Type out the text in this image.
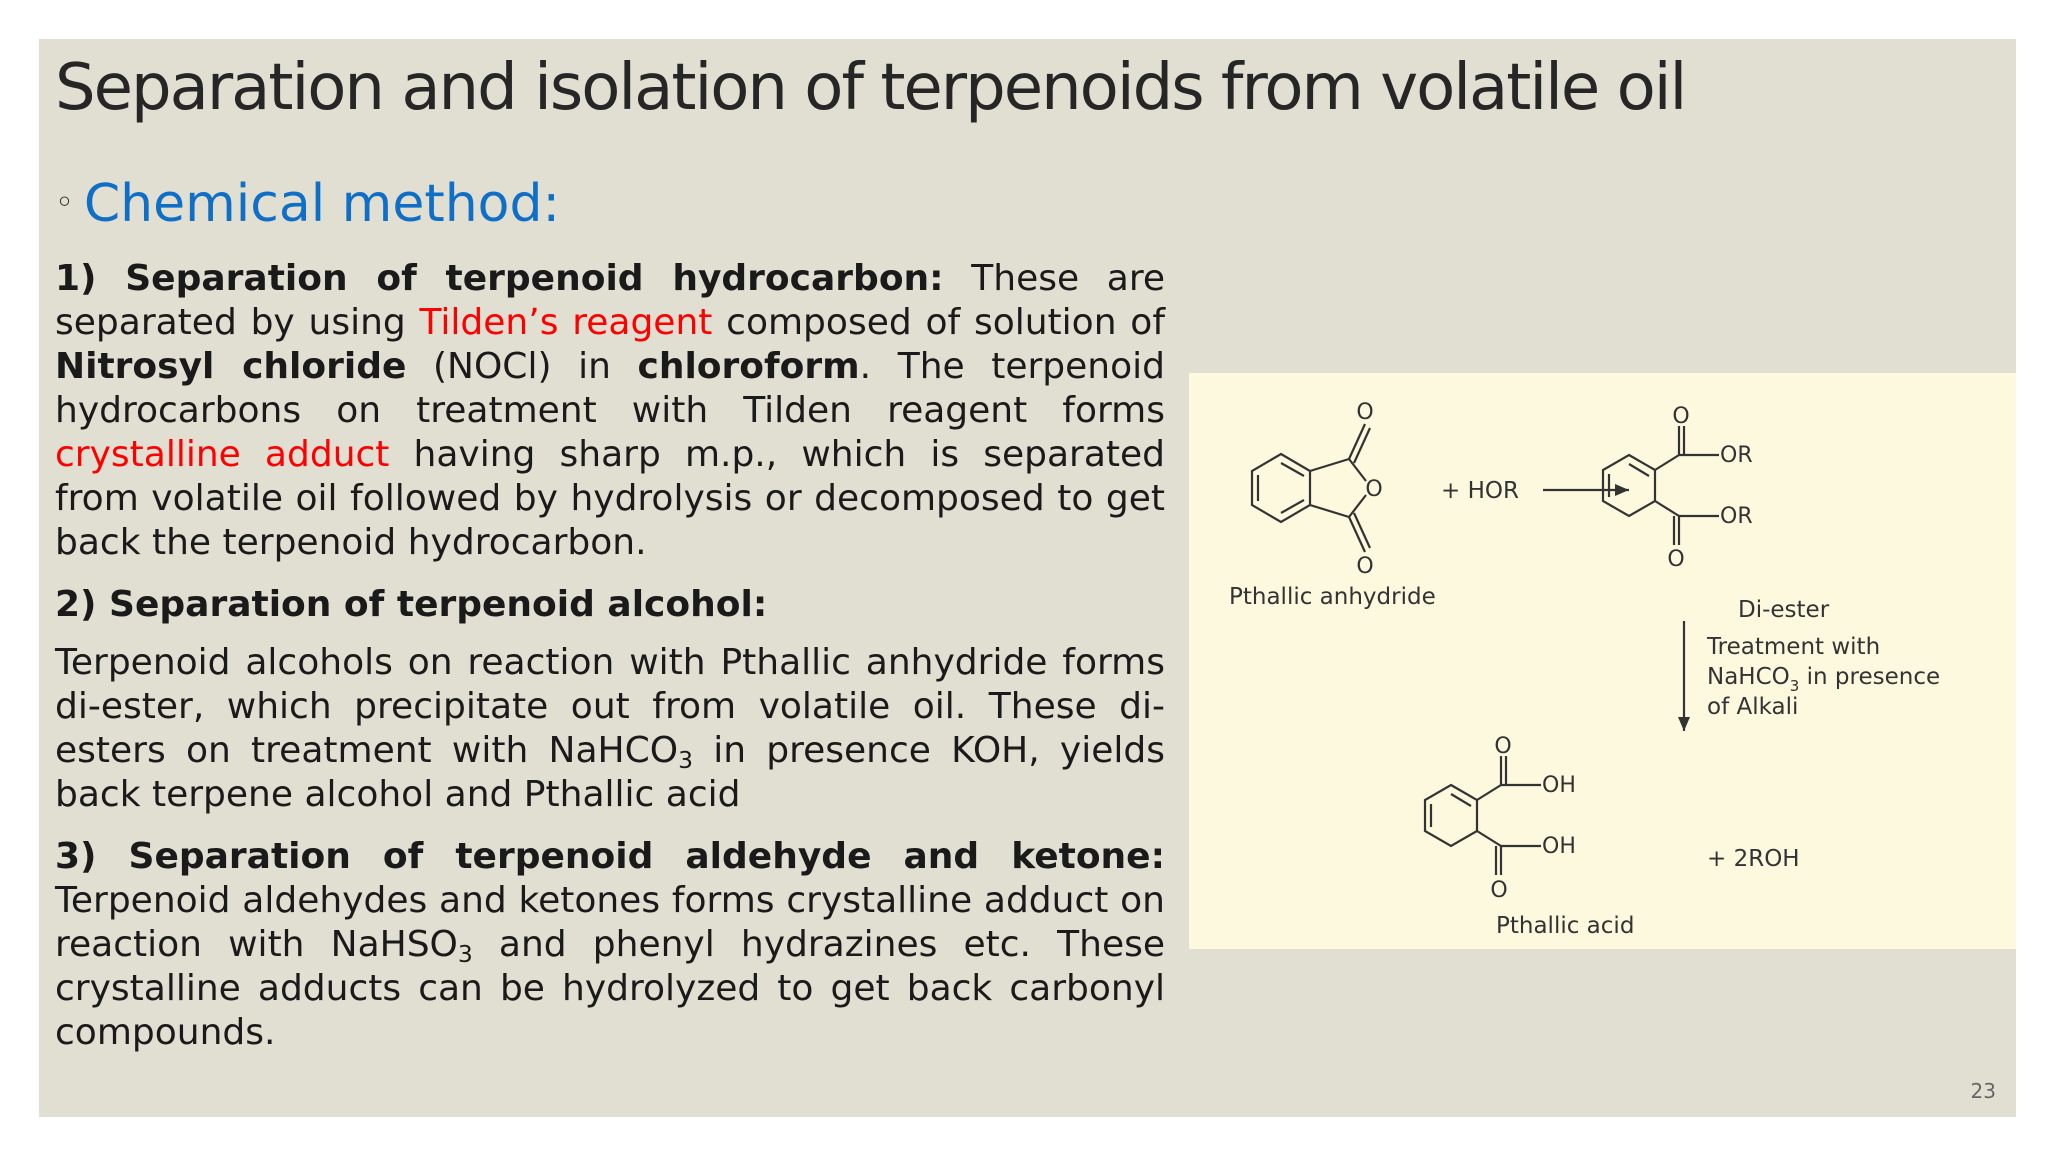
Separation and isolation of terpenoids from volatile oil
◦ Chemical method:

1) Separation of terpenoid hydrocarbon: These are separated by using Tilden’s reagent composed of solution of Nitrosyl chloride (NOCl) in chloroform. The terpenoid hydrocarbons on treatment with Tilden reagent forms crystalline adduct having sharp m.p., which is separated from volatile oil followed by hydrolysis or decomposed to get back the terpenoid hydrocarbon.

2) Separation of terpenoid alcohol:

Terpenoid alcohols on reaction with Pthallic anhydride forms di-ester, which precipitate out from volatile oil. These di-esters on treatment with NaHCO$_3$ in presence KOH, yields back terpene alcohol and Pthallic acid

3) Separation of terpenoid aldehyde and ketone: Terpenoid aldehydes and ketones forms crystalline adduct on reaction with NaHSO$_3$ and phenyl hydrazines etc. These crystalline adducts can be hydrolyzed to get back carbonyl compounds.

O
O
O
O
OR
OR
O
O
OH
OH
O
+ HOR
Pthallic anhydride	Di-ester
Treatment with
NaHCO$_3$ in presence
of Alkali
+ 2ROH
Pthallic acid
23
